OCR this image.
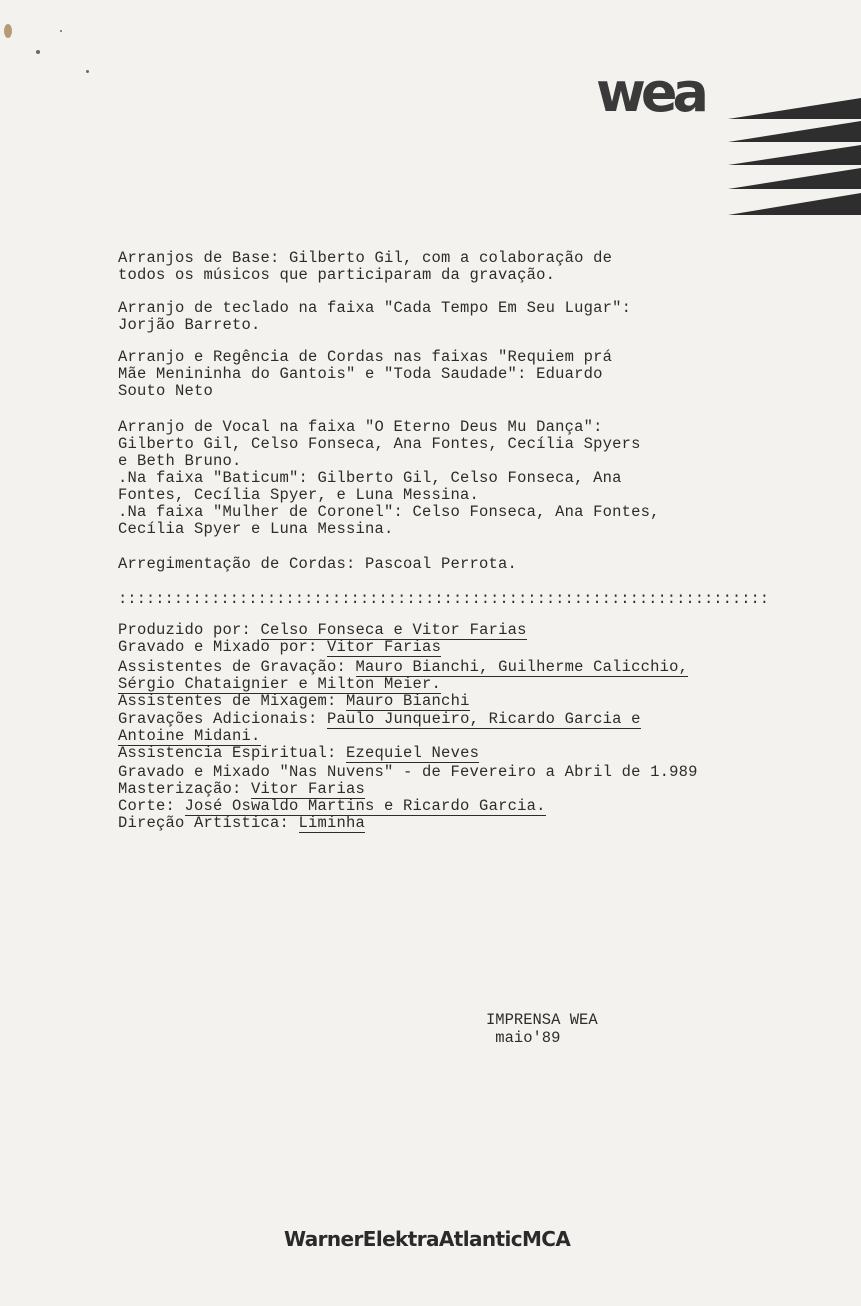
wea
Arranjos de Base: Gilberto Gil, com a colaboração de
todos os músicos que participaram da gravação.
Arranjo de teclado na faixa "Cada Tempo Em Seu Lugar":
Jorjão Barreto.
Arranjo e Regência de Cordas nas faixas "Requiem prá
Mãe Menininha do Gantois" e "Toda Saudade": Eduardo
Souto Neto
Arranjo de Vocal na faixa "O Eterno Deus Mu Dança":
Gilberto Gil, Celso Fonseca, Ana Fontes, Cecília Spyers
e Beth Bruno.
.Na faixa "Baticum": Gilberto Gil, Celso Fonseca, Ana
Fontes, Cecília Spyer, e Luna Messina.
.Na faixa "Mulher de Coronel": Celso Fonseca, Ana Fontes,
Cecília Spyer e Luna Messina.
Arregimentação de Cordas: Pascoal Perrota.
::::::::::::::::::::::::::::::::::::::::::::::::::::::::::::::::::::::
Produzido por: Celso Fonseca e Vitor Farias
Gravado e Mixado por: Vitor Farias
Assistentes de Gravação: Mauro Bianchi, Guilherme Calicchio,
Sérgio Chataignier e Milton Meier.
Assistentes de Mixagem: Mauro Bianchi
Gravações Adicionais: Paulo Junqueiro, Ricardo Garcia e
Antoine Midani.
Assistencia Espiritual: Ezequiel Neves
Gravado e Mixado "Nas Nuvens" - de Fevereiro a Abril de 1.989
Masterização: Vitor Farias
Corte: José Oswaldo Martins e Ricardo Garcia.
Direção Artística: Liminha
IMPRENSA WEA
maio'89
WarnerElektraAtlanticMCA
